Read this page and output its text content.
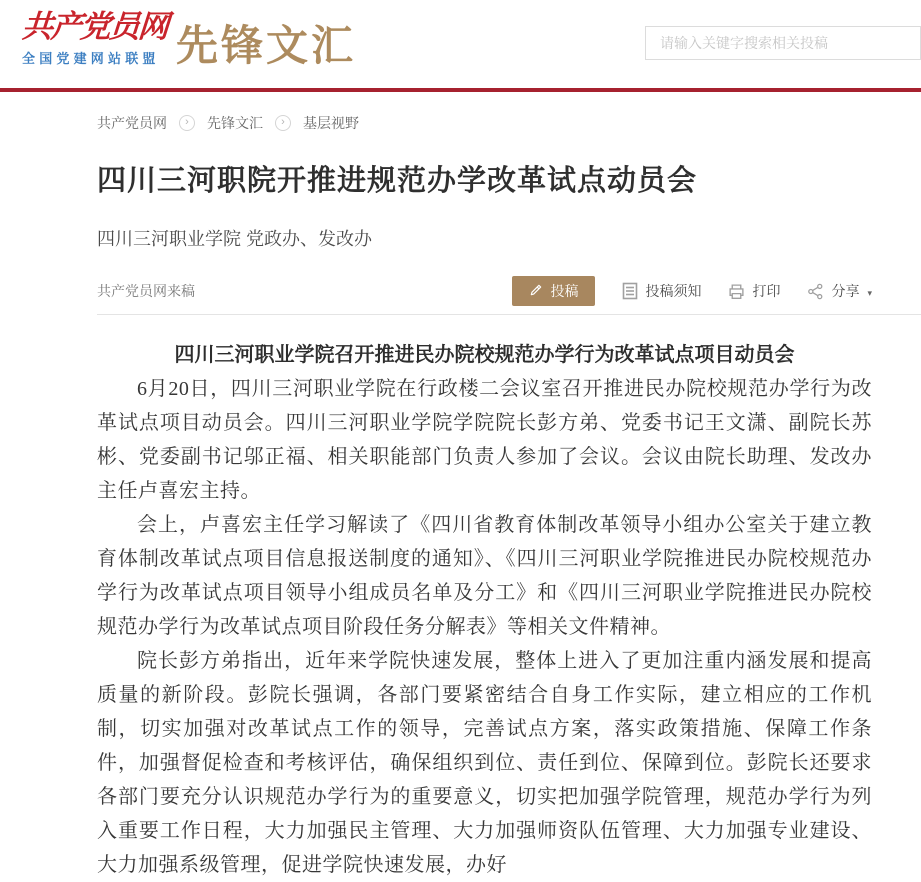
共产党员网
全国党建网站联盟 先锋文汇
请输入关键字搜索相关投稿
共产党员网	›	先锋文汇	›	基层视野
四川三河职院开推进规范办学改革试点动员会
四川三河职业学院 党政办、发改办
共产党员网来稿	投稿	投稿须知	打印	分享 ▾
四川三河职业学院召开推进民办院校规范办学行为改革试点项目动员会

6月20日，四川三河职业学院在行政楼二会议室召开推进民办院校规范办学行为改革试点项目动员会。四川三河职业学院学院院长彭方弟、党委书记王文潇、副院长苏彬、党委副书记邬正福、相关职能部门负责人参加了会议。会议由院长助理、发改办主任卢喜宏主持。

会上，卢喜宏主任学习解读了《四川省教育体制改革领导小组办公室关于建立教育体制改革试点项目信息报送制度的通知》、《四川三河职业学院推进民办院校规范办学行为改革试点项目领导小组成员名单及分工》和《四川三河职业学院推进民办院校规范办学行为改革试点项目阶段任务分解表》等相关文件精神。

院长彭方弟指出，近年来学院快速发展，整体上进入了更加注重内涵发展和提高质量的新阶段。彭院长强调，各部门要紧密结合自身工作实际，建立相应的工作机制，切实加强对改革试点工作的领导，完善试点方案，落实政策措施、保障工作条件，加强督促检查和考核评估，确保组织到位、责任到位、保障到位。彭院长还要求各部门要充分认识规范办学行为的重要意义，切实把加强学院管理，规范办学行为列入重要工作日程，大力加强民主管理、大力加强师资队伍管理、大力加强专业建设、大力加强系级管理，促进学院快速发展，办好
